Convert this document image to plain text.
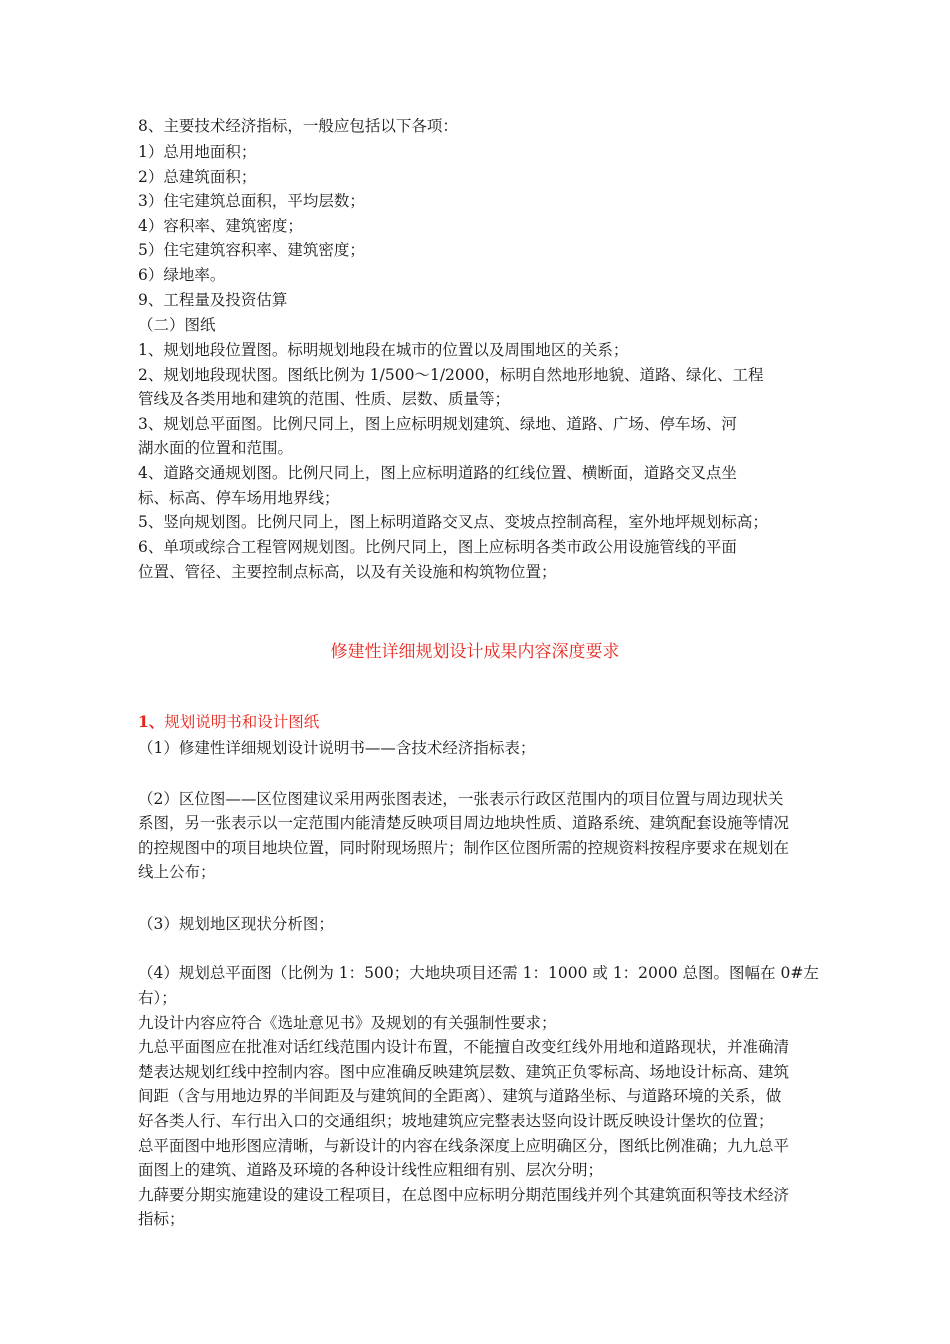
8、主要技术经济指标，一般应包括以下各项：
1）总用地面积；
2）总建筑面积；
3）住宅建筑总面积，平均层数；
4）容积率、建筑密度；
5）住宅建筑容积率、建筑密度；
6）绿地率。
9、工程量及投资估算
（二）图纸
1、规划地段位置图。标明规划地段在城市的位置以及周围地区的关系；
2、规划地段现状图。图纸比例为 1/500～1/2000，标明自然地形地貌、道路、绿化、工程
管线及各类用地和建筑的范围、性质、层数、质量等；
3、规划总平面图。比例尺同上，图上应标明规划建筑、绿地、道路、广场、停车场、河
湖水面的位置和范围。
4、道路交通规划图。比例尺同上，图上应标明道路的红线位置、横断面，道路交叉点坐
标、标高、停车场用地界线；
5、竖向规划图。比例尺同上，图上标明道路交叉点、变坡点控制高程，室外地坪规划标高；
6、单项或综合工程管网规划图。比例尺同上，图上应标明各类市政公用设施管线的平面
位置、管径、主要控制点标高，以及有关设施和构筑物位置；
修建性详细规划设计成果内容深度要求
1、规划说明书和设计图纸
（1）修建性详细规划设计说明书——含技术经济指标表；
（2）区位图——区位图建议采用两张图表述，一张表示行政区范围内的项目位置与周边现状关
系图，另一张表示以一定范围内能清楚反映项目周边地块性质、道路系统、建筑配套设施等情况
的控规图中的项目地块位置，同时附现场照片；制作区位图所需的控规资料按程序要求在规划在
线上公布；
（3）规划地区现状分析图；
（4）规划总平面图（比例为 1：500；大地块项目还需 1：1000 或 1：2000 总图。图幅在 0#左
右）；
九设计内容应符合《选址意见书》及规划的有关强制性要求；
九总平面图应在批准对话红线范围内设计布置，不能擅自改变红线外用地和道路现状，并准确清
楚表达规划红线中控制内容。图中应准确反映建筑层数、建筑正负零标高、场地设计标高、建筑
间距（含与用地边界的半间距及与建筑间的全距离）、建筑与道路坐标、与道路环境的关系，做
好各类人行、车行出入口的交通组织；坡地建筑应完整表达竖向设计既反映设计堡坎的位置；
总平面图中地形图应清晰，与新设计的内容在线条深度上应明确区分，图纸比例准确；九九总平
面图上的建筑、道路及环境的各种设计线性应粗细有别、层次分明；
九薛要分期实施建设的建设工程项目，在总图中应标明分期范围线并列个其建筑面积等技术经济
指标；
